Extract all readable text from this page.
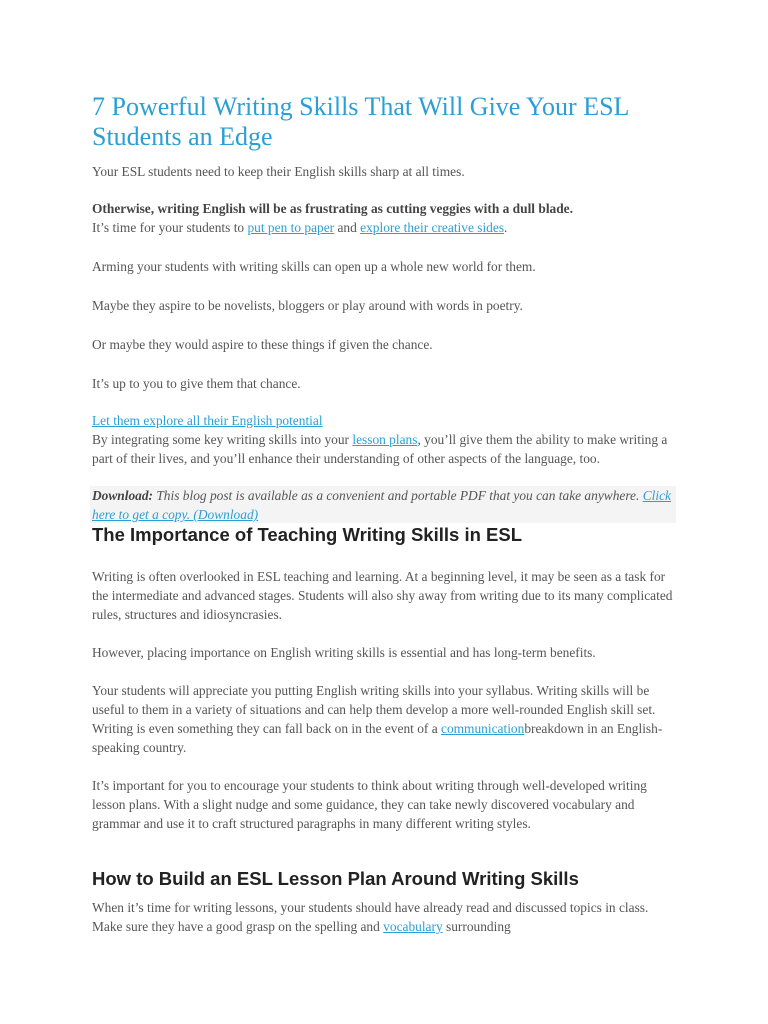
7 Powerful Writing Skills That Will Give Your ESL Students an Edge

Your ESL students need to keep their English skills sharp at all times.

Otherwise, writing English will be as frustrating as cutting veggies with a dull blade.
It’s time for your students to put pen to paper and explore their creative sides.

Arming your students with writing skills can open up a whole new world for them.

Maybe they aspire to be novelists, bloggers or play around with words in poetry.

Or maybe they would aspire to these things if given the chance.

It’s up to you to give them that chance.

Let them explore all their English potential
By integrating some key writing skills into your lesson plans, you’ll give them the ability to make writing a part of their lives, and you’ll enhance their understanding of other aspects of the language, too.

Download: This blog post is available as a convenient and portable PDF that you can take anywhere. Click here to get a copy. (Download)

The Importance of Teaching Writing Skills in ESL

Writing is often overlooked in ESL teaching and learning. At a beginning level, it may be seen as a task for the intermediate and advanced stages. Students will also shy away from writing due to its many complicated rules, structures and idiosyncrasies.

However, placing importance on English writing skills is essential and has long-term benefits.

Your students will appreciate you putting English writing skills into your syllabus. Writing skills will be useful to them in a variety of situations and can help them develop a more well-rounded English skill set. Writing is even something they can fall back on in the event of a communicationbreakdown in an English-speaking country.

It’s important for you to encourage your students to think about writing through well-developed writing lesson plans. With a slight nudge and some guidance, they can take newly discovered vocabulary and grammar and use it to craft structured paragraphs in many different writing styles.

How to Build an ESL Lesson Plan Around Writing Skills

When it’s time for writing lessons, your students should have already read and discussed topics in class. Make sure they have a good grasp on the spelling and vocabulary surrounding
